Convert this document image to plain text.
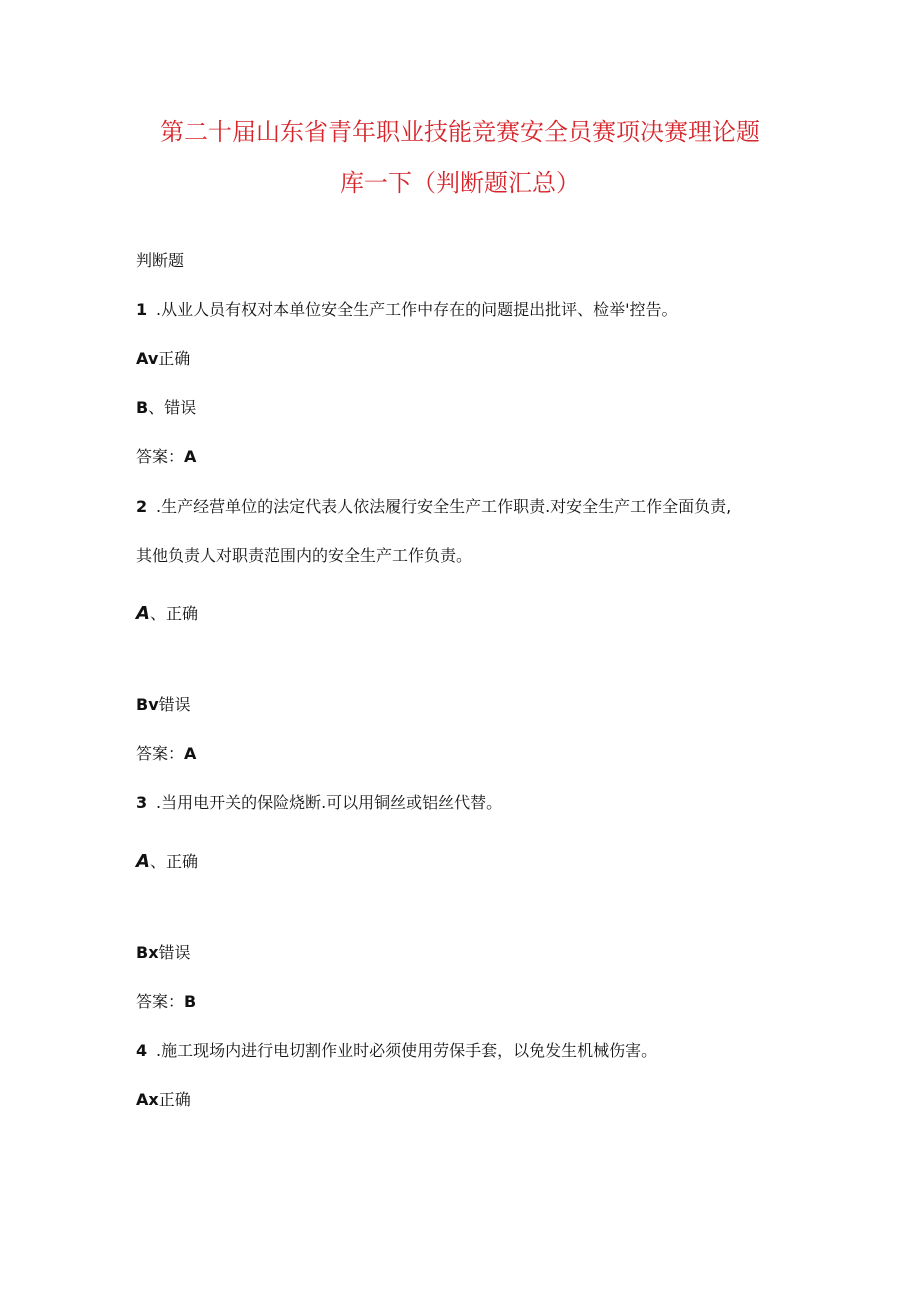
第二十届山东省青年职业技能竞赛安全员赛项决赛理论题
库一下（判断题汇总）
判断题
1 .从业人员有权对本单位安全生产工作中存在的问题提出批评、检举'控告。
Av正确
B、错误
答案：A
2 .生产经营单位的法定代表人依法履行安全生产工作职责.对安全生产工作全面负责,
其他负责人对职责范围内的安全生产工作负责。
A、正确
Bv错误
答案：A
3 .当用电开关的保险烧断.可以用铜丝或铝丝代替。
A、正确
Bx错误
答案：B
4 .施工现场内进行电切割作业时必须使用劳保手套，以免发生机械伤害。
Ax正确
